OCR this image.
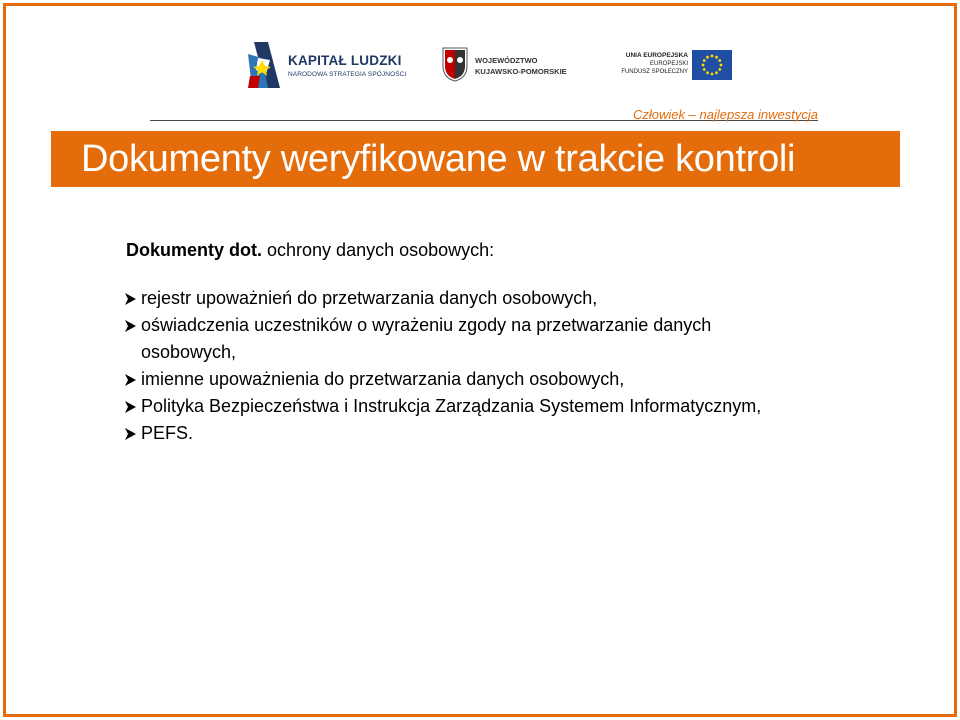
KAPITAŁ LUDZKI
NARODOWA STRATEGIA SPÓJNOŚCI
WOJEWÓDZTWO
KUJAWSKO-POMORSKIE
UNIA EUROPEJSKA
EUROPEJSKI
FUNDUSZ SPOŁECZNY
Człowiek – najlepsza inwestycja
Dokumenty weryfikowane w trakcie kontroli
Dokumenty dot. ochrony danych osobowych:
rejestr upoważnień do przetwarzania danych osobowych,
oświadczenia uczestników o wyrażeniu zgody na przetwarzanie danych
osobowych,
imienne upoważnienia do przetwarzania danych osobowych,
Polityka Bezpieczeństwa i Instrukcja Zarządzania Systemem Informatycznym,
PEFS.
